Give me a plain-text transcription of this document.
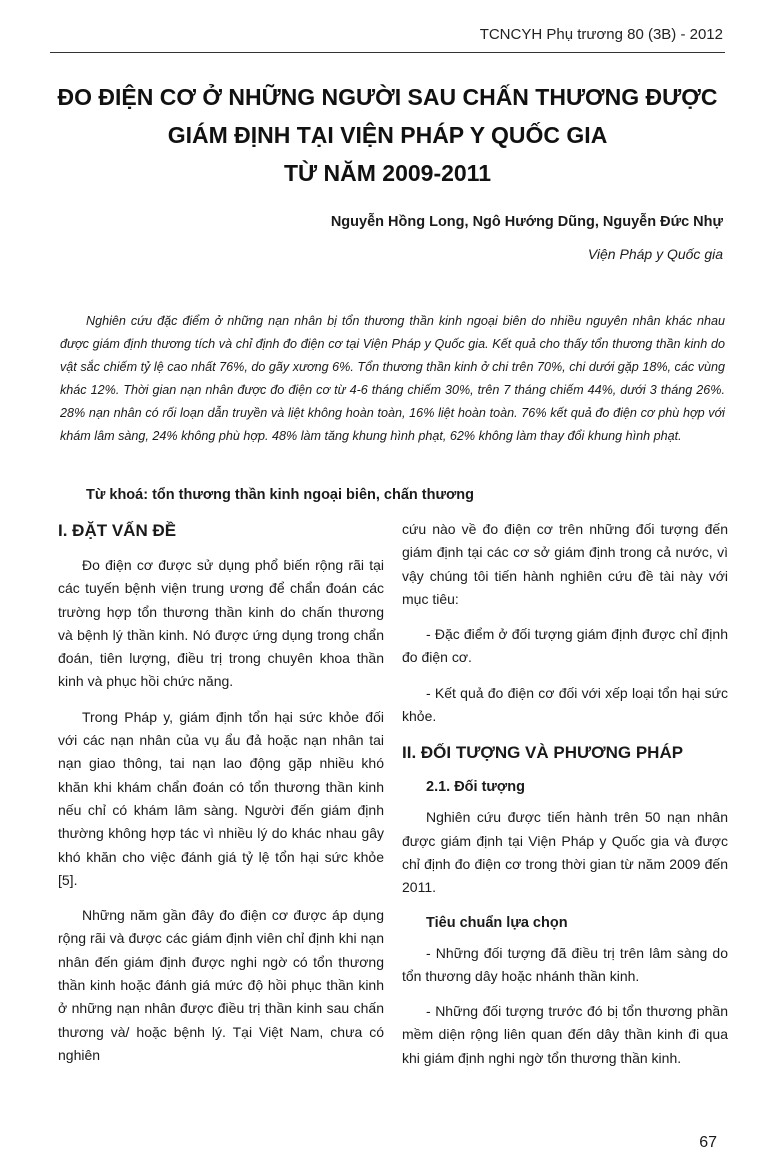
TCNCYH Phụ trương 80 (3B) - 2012
ĐO ĐIỆN CƠ Ở NHỮNG NGƯỜI SAU CHẤN THƯƠNG ĐƯỢC
GIÁM ĐỊNH TẠI VIỆN PHÁP Y QUỐC GIA
TỪ NĂM 2009-2011
Nguyễn Hồng Long, Ngô Hướng Dũng, Nguyễn Đức Nhự
Viện Pháp y Quốc gia

Nghiên cứu đặc điểm ở những nạn nhân bị tổn thương thần kinh ngoại biên do nhiều nguyên nhân khác nhau được giám định thương tích và chỉ định đo điện cơ tại Viện Pháp y Quốc gia. Kết quả cho thấy tổn thương thần kinh do vật sắc chiếm tỷ lệ cao nhất 76%, do gãy xương 6%. Tổn thương thần kinh ở chi trên 70%, chi dưới gặp 18%, các vùng khác 12%. Thời gian nạn nhân được đo điện cơ từ 4-6 tháng chiếm 30%, trên 7 tháng chiếm 44%, dưới 3 tháng 26%. 28% nạn nhân có rối loạn dẫn truyền và liệt không hoàn toàn, 16% liệt hoàn toàn. 76% kết quả đo điện cơ phù hợp với khám lâm sàng, 24% không phù hợp. 48% làm tăng khung hình phạt, 62% không làm thay đổi khung hình phạt.

Từ khoá: tổn thương thần kinh ngoại biên, chấn thương
I. ĐẶT VẤN ĐỀ

Đo điện cơ được sử dụng phổ biến rộng rãi tại các tuyến bệnh viện trung ương để chẩn đoán các trường hợp tổn thương thần kinh do chấn thương và bệnh lý thần kinh. Nó được ứng dụng trong chẩn đoán, tiên lượng, điều trị trong chuyên khoa thần kinh và phục hồi chức năng.

Trong Pháp y, giám định tổn hại sức khỏe đối với các nạn nhân của vụ ẩu đả hoặc nạn nhân tai nạn giao thông, tai nạn lao động gặp nhiều khó khăn khi khám chẩn đoán có tổn thương thần kinh nếu chỉ có khám lâm sàng. Người đến giám định thường không hợp tác vì nhiều lý do khác nhau gây khó khăn cho việc đánh giá tỷ lệ tổn hại sức khỏe [5].

Những năm gần đây đo điện cơ được áp dụng rộng rãi và được các giám định viên chỉ định khi nạn nhân đến giám định được nghi ngờ có tổn thương thần kinh hoặc đánh giá mức độ hồi phục thần kinh ở những nạn nhân được điều trị thần kinh sau chấn thương và/ hoặc bệnh lý. Tại Việt Nam, chưa có nghiên

cứu nào về đo điện cơ trên những đối tượng đến giám định tại các cơ sở giám định trong cả nước, vì vậy chúng tôi tiến hành nghiên cứu đề tài này với mục tiêu:

- Đặc điểm ở đối tượng giám định được chỉ định đo điện cơ.

- Kết quả đo điện cơ đối với xếp loại tổn hại sức khỏe.

II. ĐỐI TƯỢNG VÀ PHƯƠNG PHÁP
2.1. Đối tượng

Nghiên cứu được tiến hành trên 50 nạn nhân được giám định tại Viện Pháp y Quốc gia và được chỉ định đo điện cơ trong thời gian từ năm 2009 đến 2011.

Tiêu chuẩn lựa chọn

- Những đối tượng đã điều trị trên lâm sàng do tổn thương dây hoặc nhánh thần kinh.

- Những đối tượng trước đó bị tổn thương phần mềm diện rộng liên quan đến dây thần kinh đi qua khi giám định nghi ngờ tổn thương thần kinh.

67
